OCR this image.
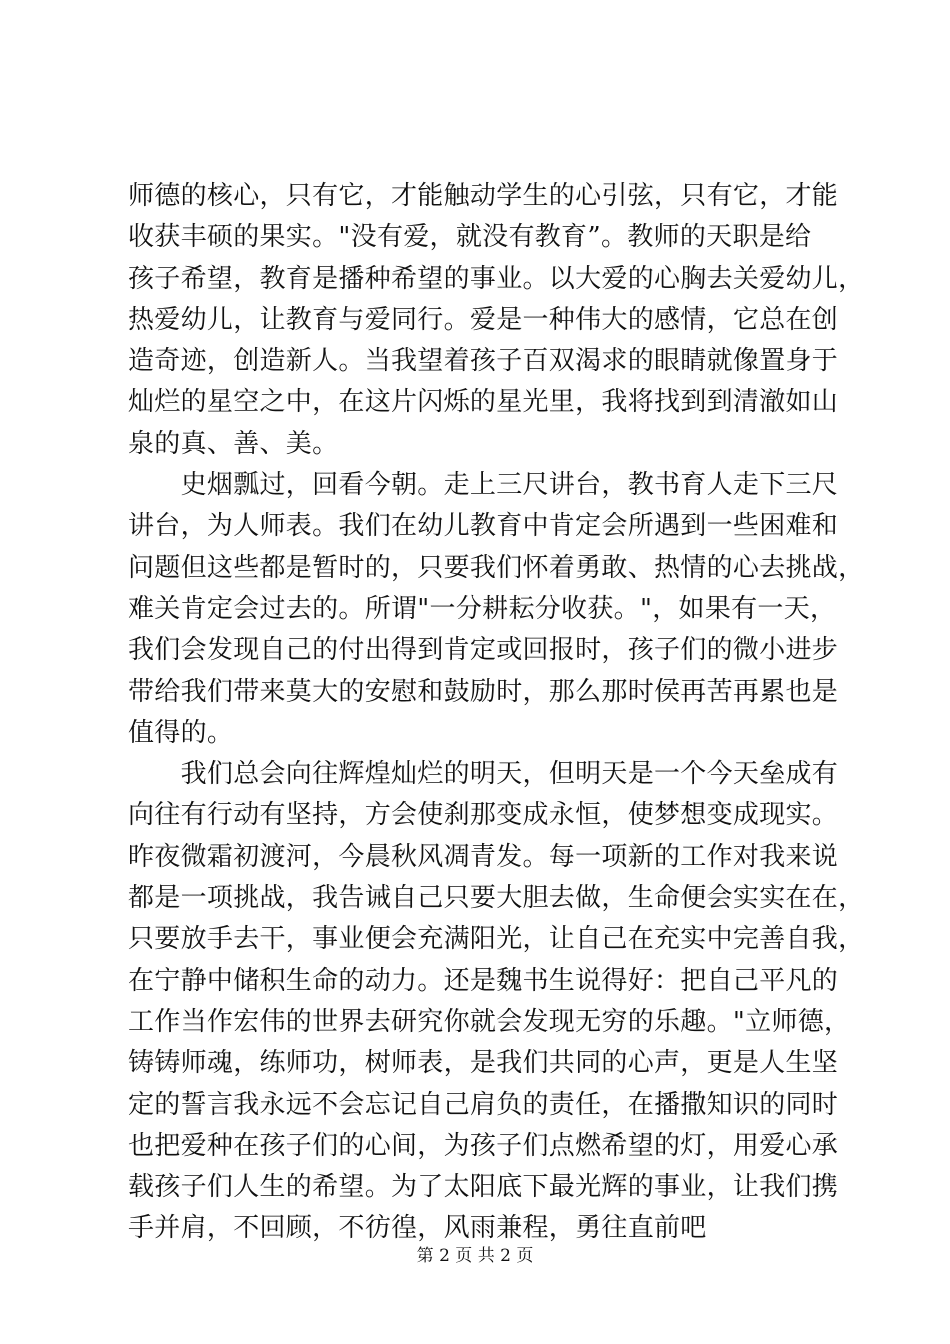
师德的核心，只有它，才能触动学生的心引弦，只有它，才能
收获丰硕的果实。"没有爱，就没有教育”。教师的天职是给
孩子希望，教育是播种希望的事业。以大爱的心胸去关爱幼儿，
热爱幼儿，让教育与爱同行。爱是一种伟大的感情，它总在创
造奇迹，创造新人。当我望着孩子百双渴求的眼睛就像置身于
灿烂的星空之中，在这片闪烁的星光里，我将找到到清澈如山
泉的真、善、美。
　　史烟瓢过，回看今朝。走上三尺讲台，教书育人走下三尺
讲台，为人师表。我们在幼儿教育中肯定会所遇到一些困难和
问题但这些都是暂时的，只要我们怀着勇敢、热情的心去挑战，
难关肯定会过去的。所谓"一分耕耘分收获。"，如果有一天，
我们会发现自己的付出得到肯定或回报时，孩子们的微小进步
带给我们带来莫大的安慰和鼓励时，那么那时侯再苦再累也是
值得的。
　　我们总会向往辉煌灿烂的明天，但明天是一个今天垒成有
向往有行动有坚持，方会使刹那变成永恒，使梦想变成现实。
昨夜微霜初渡河，今晨秋风凋青发。每一项新的工作对我来说
都是一项挑战，我告诫自己只要大胆去做，生命便会实实在在，
只要放手去干，事业便会充满阳光，让自己在充实中完善自我，
在宁静中储积生命的动力。还是魏书生说得好：把自己平凡的
工作当作宏伟的世界去研究你就会发现无穷的乐趣。"立师德，
铸铸师魂，练师功，树师表，是我们共同的心声，更是人生坚
定的誓言我永远不会忘记自己肩负的责任，在播撒知识的同时
也把爱种在孩子们的心间，为孩子们点燃希望的灯，用爱心承
载孩子们人生的希望。为了太阳底下最光辉的事业，让我们携
手并肩，不回顾，不彷徨，风雨兼程，勇往直前吧
第 2 页 共 2 页
